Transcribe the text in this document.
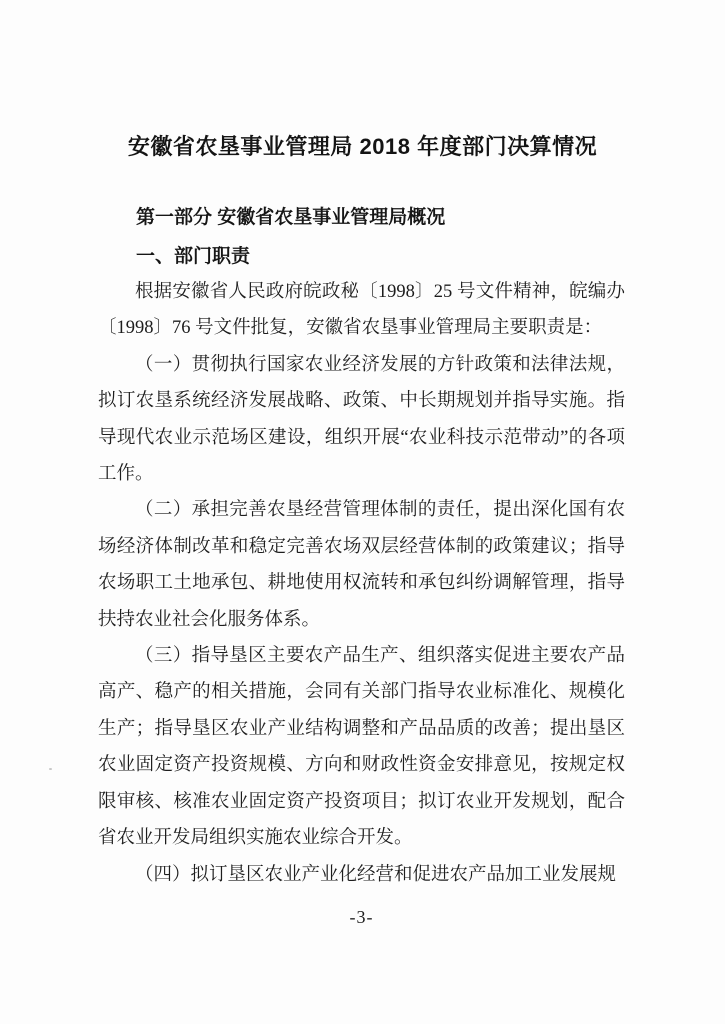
安徽省农垦事业管理局 2018 年度部门决算情况
第一部分 安徽省农垦事业管理局概况
一、部门职责

根据安徽省人民政府皖政秘〔1998〕25 号文件精神，皖编办〔1998〕76 号文件批复，安徽省农垦事业管理局主要职责是：

（一）贯彻执行国家农业经济发展的方针政策和法律法规，拟订农垦系统经济发展战略、政策、中长期规划并指导实施。指导现代农业示范场区建设，组织开展“农业科技示范带动”的各项工作。

（二）承担完善农垦经营管理体制的责任，提出深化国有农场经济体制改革和稳定完善农场双层经营体制的政策建议；指导农场职工土地承包、耕地使用权流转和承包纠纷调解管理，指导扶持农业社会化服务体系。

（三）指导垦区主要农产品生产、组织落实促进主要农产品高产、稳产的相关措施，会同有关部门指导农业标准化、规模化生产；指导垦区农业产业结构调整和产品品质的改善；提出垦区农业固定资产投资规模、方向和财政性资金安排意见，按规定权限审核、核准农业固定资产投资项目；拟订农业开发规划，配合省农业开发局组织实施农业综合开发。

（四）拟订垦区农业产业化经营和促进农产品加工业发展规

-3-
